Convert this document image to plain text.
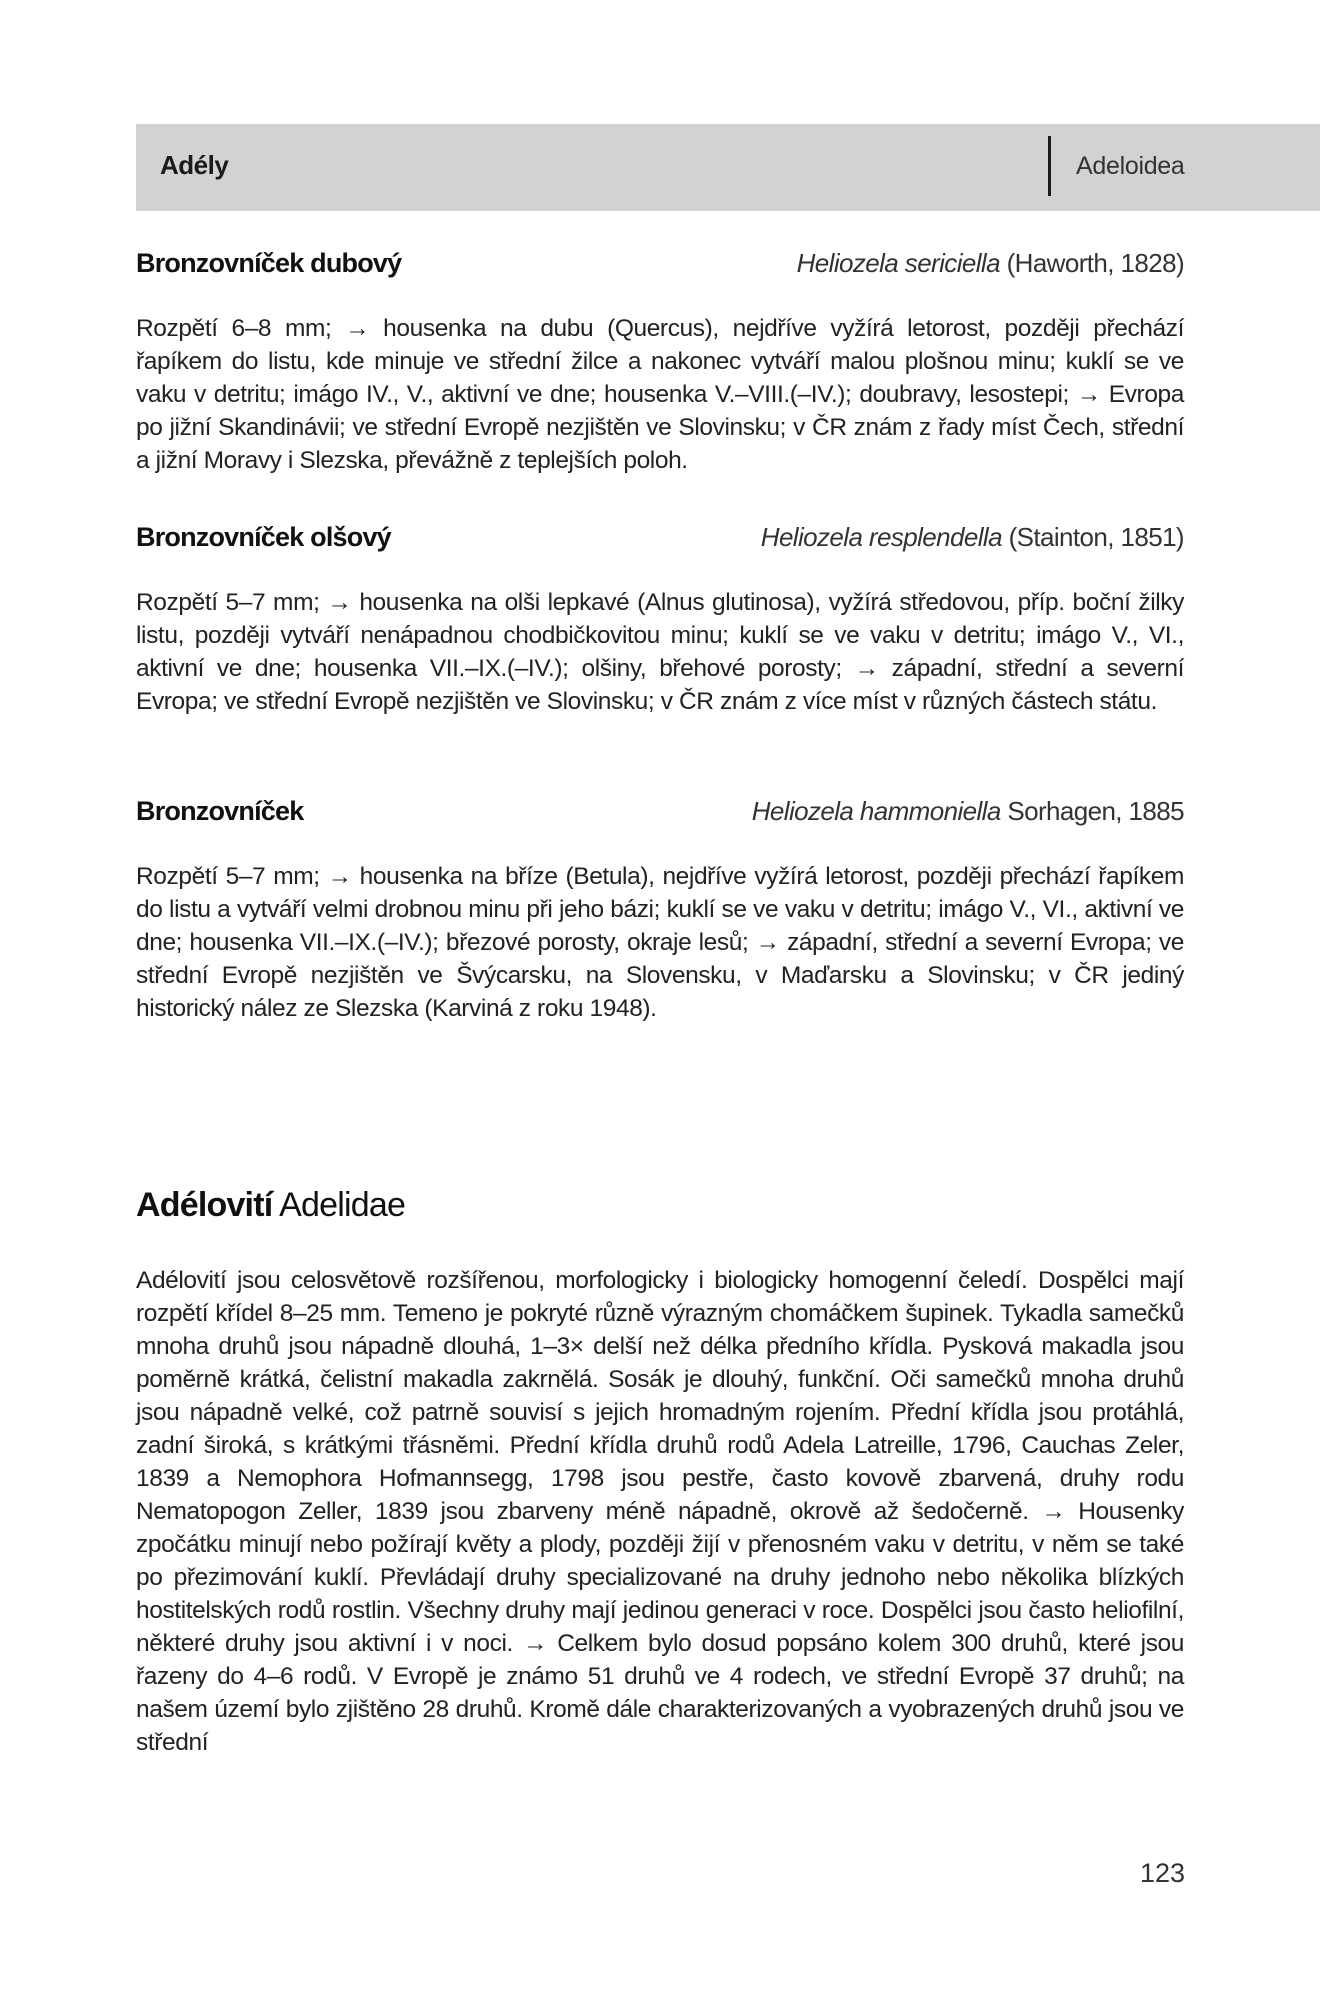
Adély	Adeloidea
Bronzovníček dubový	Heliozela sericiella (Haworth, 1828)

Rozpětí 6–8 mm; → housenka na dubu (Quercus), nejdříve vyžírá letorost, později přechází řapíkem do listu, kde minuje ve střední žilce a nakonec vytváří malou plošnou minu; kuklí se ve vaku v detritu; imágo IV., V., aktivní ve dne; housenka V.–VIII.(–IV.); doubravy, lesostepi; → Evropa po jižní Skandinávii; ve střední Evropě nezjištěn ve Slovinsku; v ČR znám z řady míst Čech, střední a jižní Moravy i Slezska, převážně z teplejších poloh.

Bronzovníček olšový	Heliozela resplendella (Stainton, 1851)

Rozpětí 5–7 mm; → housenka na olši lepkavé (Alnus glutinosa), vyžírá středovou, příp. boční žilky listu, později vytváří nenápadnou chodbičkovitou minu; kuklí se ve vaku v detritu; imágo V., VI., aktivní ve dne; housenka VII.–IX.(–IV.); olšiny, břehové porosty; → západní, střední a severní Evropa; ve střední Evropě nezjištěn ve Slovinsku; v ČR znám z více míst v různých částech státu.

Bronzovníček	Heliozela hammoniella Sorhagen, 1885

Rozpětí 5–7 mm; → housenka na bříze (Betula), nejdříve vyžírá letorost, později přechází řapíkem do listu a vytváří velmi drobnou minu při jeho bázi; kuklí se ve vaku v detritu; imágo V., VI., aktivní ve dne; housenka VII.–IX.(–IV.); březové porosty, okraje lesů; → západní, střední a severní Evropa; ve střední Evropě nezjištěn ve Švýcarsku, na Slovensku, v Maďarsku a Slovinsku; v ČR jediný historický nález ze Slezska (Karviná z roku 1948).

Adélovití Adelidae

Adélovití jsou celosvětově rozšířenou, morfologicky i biologicky homogenní čeledí. Dospělci mají rozpětí křídel 8–25 mm. Temeno je pokryté různě výrazným chomáčkem šupinek. Tykadla samečků mnoha druhů jsou nápadně dlouhá, 1–3× delší než délka předního křídla. Pysková makadla jsou poměrně krátká, čelistní makadla zakrnělá. Sosák je dlouhý, funkční. Oči samečků mnoha druhů jsou nápadně velké, což patrně souvisí s jejich hromadným rojením. Přední křídla jsou protáhlá, zadní široká, s krátkými třásněmi. Přední křídla druhů rodů Adela Latreille, 1796, Cauchas Zeler, 1839 a Nemophora Hofmannsegg, 1798 jsou pestře, často kovově zbarvená, druhy rodu Nematopogon Zeller, 1839 jsou zbarveny méně nápadně, okrově až šedočerně. → Housenky zpočátku minují nebo požírají květy a plody, později žijí v přenosném vaku v detritu, v něm se také po přezimování kuklí. Převládají druhy specializované na druhy jednoho nebo několika blízkých hostitelských rodů rostlin. Všechny druhy mají jedinou generaci v roce. Dospělci jsou často heliofilní, některé druhy jsou aktivní i v noci. → Celkem bylo dosud popsáno kolem 300 druhů, které jsou řazeny do 4–6 rodů. V Evropě je známo 51 druhů ve 4 rodech, ve střední Evropě 37 druhů; na našem území bylo zjištěno 28 druhů. Kromě dále charakterizovaných a vyobrazených druhů jsou ve střední

123
